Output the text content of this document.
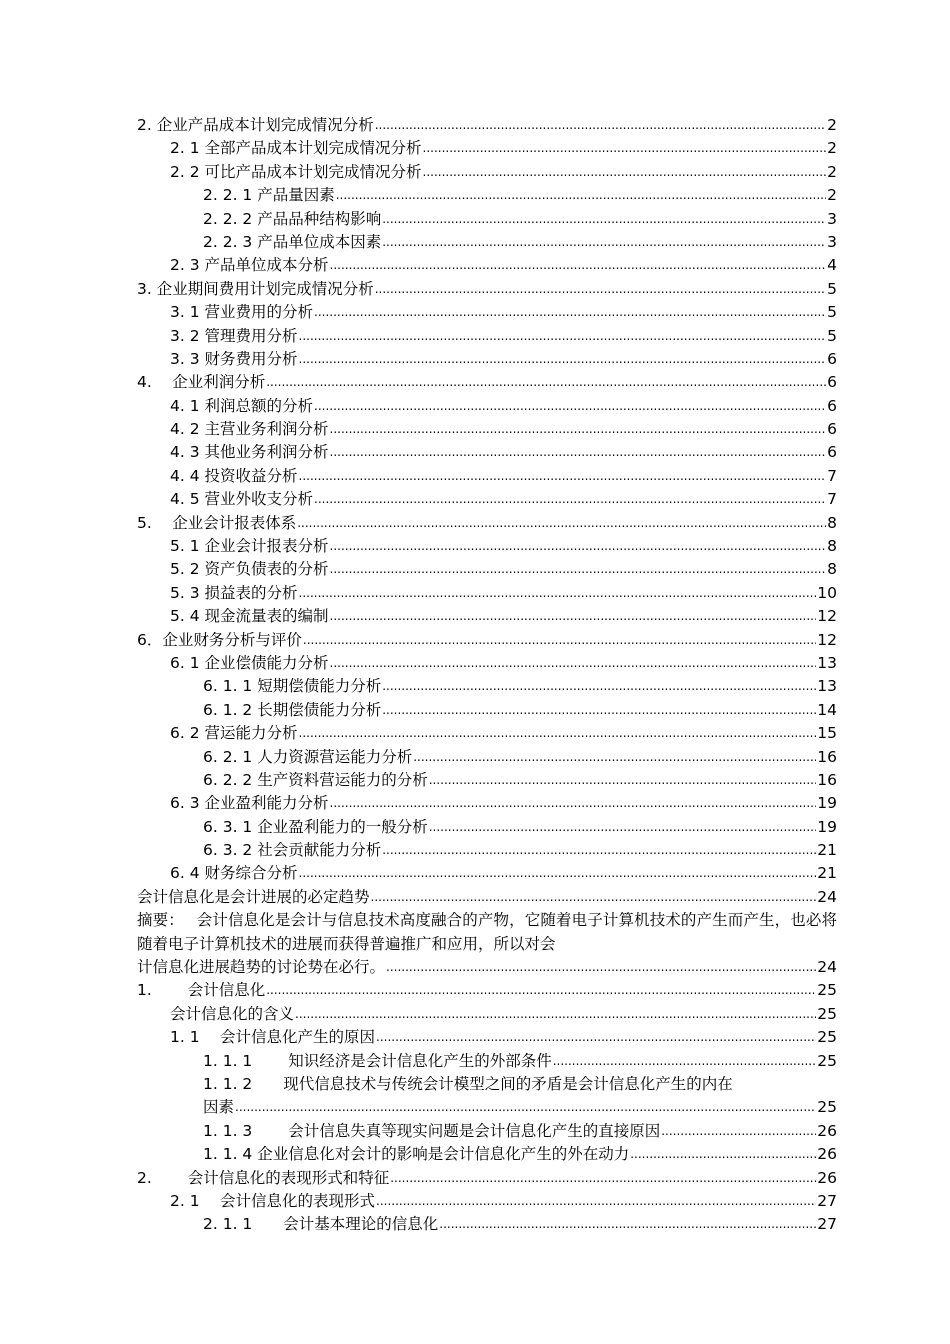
2. 企业产品成本计划完成情况分析 .....	2
2. 1 全部产品成本计划完成情况分析 .....	2
2. 2 可比产品成本计划完成情况分析 .....	2
2. 2. 1 产品量因素 .....	2
2. 2. 2 产品品种结构影响 .....	3
2. 2. 3 产品单位成本因素 .....	3
2. 3 产品单位成本分析 .....	4
3. 企业期间费用计划完成情况分析 .....	5
3. 1 营业费用的分析 .....	5
3. 2 管理费用分析 .....	5
3. 3 财务费用分析 .....	6
4.　 企业利润分析 .....	6
4. 1 利润总额的分析 .....	6
4. 2 主营业务利润分析 .....	6
4. 3 其他业务利润分析 .....	6
4. 4 投资收益分析 .....	7
4. 5 营业外收支分析 .....	7
5.　 企业会计报表体系 .....	8
5. 1 企业会计报表分析 .....	8
5. 2 资产负债表的分析 .....	8
5. 3 损益表的分析 .....	10
5. 4 现金流量表的编制 .....	12
6．企业财务分析与评价 .....	12
6. 1 企业偿债能力分析 .....	13
6. 1. 1 短期偿债能力分析 .....	13
6. 1. 2 长期偿债能力分析 .....	14
6. 2 营运能力分析 .....	15
6. 2. 1 人力资源营运能力分析 .....	16
6. 2. 2 生产资料营运能力的分析 .....	16
6. 3 企业盈利能力分析 .....	19
6. 3. 1 企业盈利能力的一般分析 .....	19
6. 3. 2 社会贡献能力分析 .....	21
6. 4 财务综合分析 .....	21
会计信息化是会计进展的必定趋势 .....	24
摘要：　 会计信息化是会计与信息技术高度融合的产物，它随着电子计算机技术的产生而产生，也必将随着电子计算机技术的进展而获得普遍推广和应用，所以对会
计信息化进展趋势的讨论势在必行。 .....	24
1.　　 会计信息化 .....	25
会计信息化的含义 .....	25
1. 1　 会计信息化产生的原因 .....	25
1. 1. 1　　 知识经济是会计信息化产生的外部条件 .....	25
1. 1. 2　　现代信息技术与传统会计模型之间的矛盾是会计信息化产生的内在
因素 .....	25
1. 1. 3　　 会计信息失真等现实问题是会计信息化产生的直接原因 .....	26
1. 1. 4 企业信息化对会计的影响是会计信息化产生的外在动力 .....	26
2.　　 会计信息化的表现形式和特征 .....	26
2. 1　 会计信息化的表现形式 .....	27
2. 1. 1　　会计基本理论的信息化 .....	27
